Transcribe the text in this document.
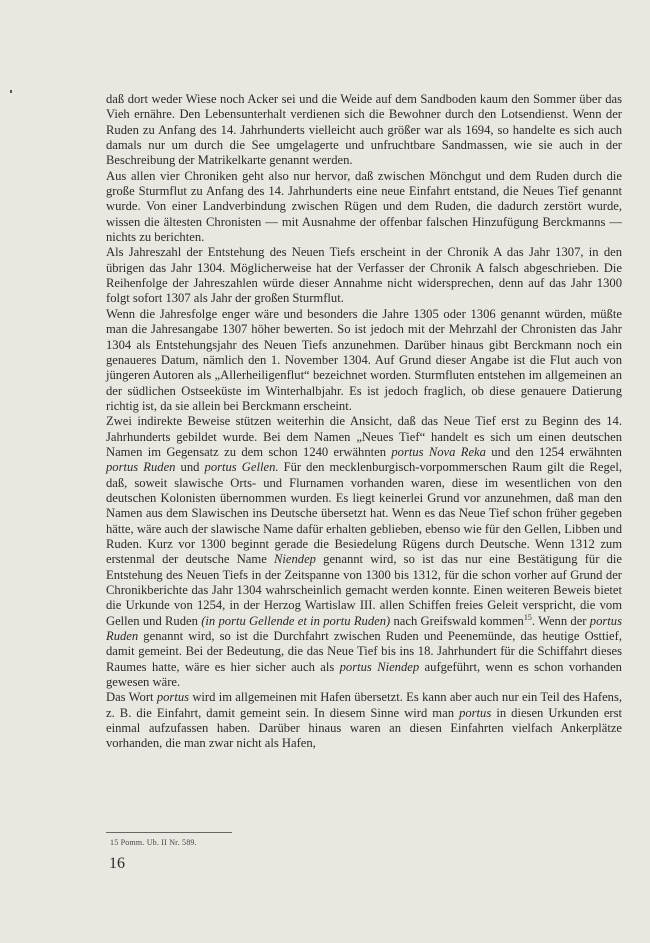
daß dort weder Wiese noch Acker sei und die Weide auf dem Sandboden kaum den Sommer über das Vieh ernähre. Den Lebensunterhalt verdienen sich die Bewohner durch den Lotsendienst. Wenn der Ruden zu Anfang des 14. Jahrhunderts vielleicht auch größer war als 1694, so handelte es sich auch damals nur um durch die See umgelagerte und unfruchtbare Sandmassen, wie sie auch in der Beschreibung der Matrikelkarte genannt werden.

Aus allen vier Chroniken geht also nur hervor, daß zwischen Mönchgut und dem Ruden durch die große Sturmflut zu Anfang des 14. Jahrhunderts eine neue Einfahrt entstand, die Neues Tief genannt wurde. Von einer Landverbindung zwischen Rügen und dem Ruden, die dadurch zerstört wurde, wissen die ältesten Chronisten — mit Ausnahme der offenbar falschen Hinzufügung Berckmanns — nichts zu berichten.

Als Jahreszahl der Entstehung des Neuen Tiefs erscheint in der Chronik A das Jahr 1307, in den übrigen das Jahr 1304. Möglicherweise hat der Verfasser der Chronik A falsch abgeschrieben. Die Reihenfolge der Jahreszahlen würde dieser Annahme nicht widersprechen, denn auf das Jahr 1300 folgt sofort 1307 als Jahr der großen Sturmflut.

Wenn die Jahresfolge enger wäre und besonders die Jahre 1305 oder 1306 genannt würden, müßte man die Jahresangabe 1307 höher bewerten. So ist jedoch mit der Mehrzahl der Chronisten das Jahr 1304 als Entstehungsjahr des Neuen Tiefs anzunehmen. Darüber hinaus gibt Berckmann noch ein genaueres Datum, nämlich den 1. November 1304. Auf Grund dieser Angabe ist die Flut auch von jüngeren Autoren als „Allerheiligenflut“ bezeichnet worden. Sturmfluten entstehen im allgemeinen an der südlichen Ostseeküste im Winterhalbjahr. Es ist jedoch fraglich, ob diese genauere Datierung richtig ist, da sie allein bei Berckmann erscheint.

Zwei indirekte Beweise stützen weiterhin die Ansicht, daß das Neue Tief erst zu Beginn des 14. Jahrhunderts gebildet wurde. Bei dem Namen „Neues Tief“ handelt es sich um einen deutschen Namen im Gegensatz zu dem schon 1240 erwähnten portus Nova Reka und den 1254 erwähnten portus Ruden und portus Gellen. Für den mecklenburgisch-vorpommerschen Raum gilt die Regel, daß, soweit slawische Orts- und Flurnamen vorhanden waren, diese im wesentlichen von den deutschen Kolonisten übernommen wurden. Es liegt keinerlei Grund vor anzunehmen, daß man den Namen aus dem Slawischen ins Deutsche übersetzt hat. Wenn es das Neue Tief schon früher gegeben hätte, wäre auch der slawische Name dafür erhalten geblieben, ebenso wie für den Gellen, Libben und Ruden. Kurz vor 1300 beginnt gerade die Besiedelung Rügens durch Deutsche. Wenn 1312 zum erstenmal der deutsche Name Niendep genannt wird, so ist das nur eine Bestätigung für die Entstehung des Neuen Tiefs in der Zeitspanne von 1300 bis 1312, für die schon vorher auf Grund der Chronikberichte das Jahr 1304 wahrscheinlich gemacht werden konnte. Einen weiteren Beweis bietet die Urkunde von 1254, in der Herzog Wartislaw III. allen Schiffen freies Geleit verspricht, die vom Gellen und Ruden (in portu Gellende et in portu Ruden) nach Greifswald kommen$^{15}$. Wenn der portus Ruden genannt wird, so ist die Durchfahrt zwischen Ruden und Peenemünde, das heutige Osttief, damit gemeint. Bei der Bedeutung, die das Neue Tief bis ins 18. Jahrhundert für die Schiffahrt dieses Raumes hatte, wäre es hier sicher auch als portus Niendep aufgeführt, wenn es schon vorhanden gewesen wäre.

Das Wort portus wird im allgemeinen mit Hafen übersetzt. Es kann aber auch nur ein Teil des Hafens, z. B. die Einfahrt, damit gemeint sein. In diesem Sinne wird man portus in diesen Urkunden erst einmal aufzufassen haben. Darüber hinaus waren an diesen Einfahrten vielfach Ankerplätze vorhanden, die man zwar nicht als Hafen,

15 Pomm. Ub. II Nr. 589.
16
